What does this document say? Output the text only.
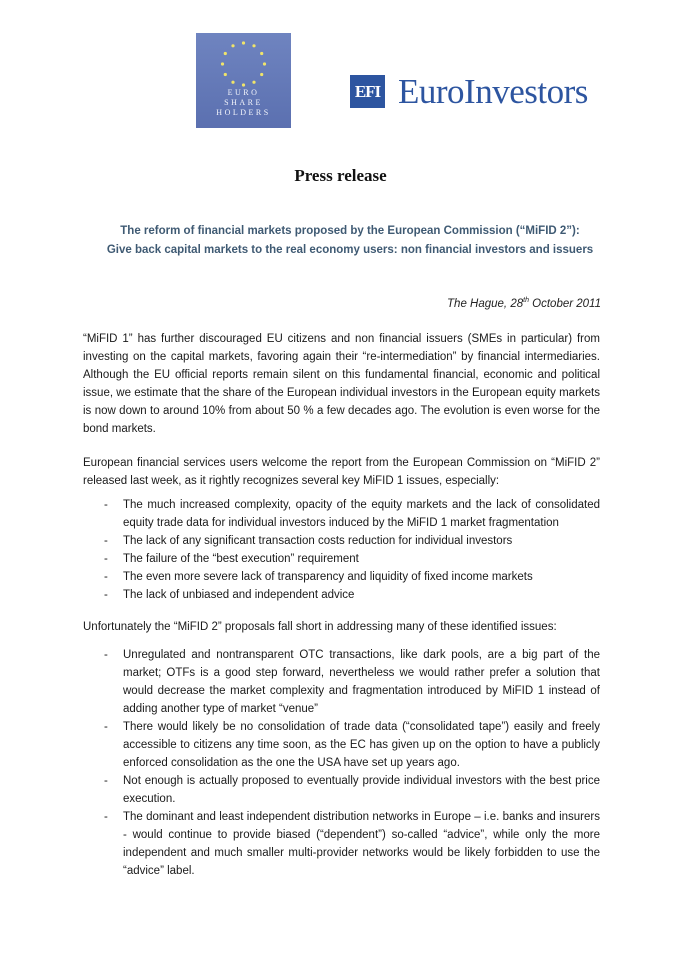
EURO
SHARE
HOLDERS
EFI EuroInvestors
Press release
The reform of financial markets proposed by the European Commission (“MiFID 2”):
Give back capital markets to the real economy users: non financial investors and issuers
The Hague, 28th October 2011

“MiFID 1” has further discouraged EU citizens and non financial issuers (SMEs in particular) from investing on the capital markets, favoring again their “re-intermediation” by financial intermediaries. Although the EU official reports remain silent on this fundamental financial, economic and political issue, we estimate that the share of the European individual investors in the European equity markets is now down to around 10% from about 50 % a few decades ago. The evolution is even worse for the bond markets.

European financial services users welcome the report from the European Commission on “MiFID 2” released last week, as it rightly recognizes several key MiFID 1 issues, especially:

- The much increased complexity, opacity of the equity markets and the lack of consolidated equity trade data for individual investors induced by the MiFID 1 market fragmentation
- The lack of any significant transaction costs reduction for individual investors
- The failure of the “best execution” requirement
- The even more severe lack of transparency and liquidity of fixed income markets
- The lack of unbiased and independent advice

Unfortunately the “MiFID 2” proposals fall short in addressing many of these identified issues:

- Unregulated and nontransparent OTC transactions, like dark pools, are a big part of the market; OTFs is a good step forward, nevertheless we would rather prefer a solution that would decrease the market complexity and fragmentation introduced by MiFID 1 instead of adding another type of market “venue”
- There would likely be no consolidation of trade data (“consolidated tape”) easily and freely accessible to citizens any time soon, as the EC has given up on the option to have a publicly enforced consolidation as the one the USA have set up years ago.
- Not enough is actually proposed to eventually provide individual investors with the best price execution.
- The dominant and least independent distribution networks in Europe – i.e. banks and insurers - would continue to provide biased (“dependent”) so-called “advice”, while only the more independent and much smaller multi-provider networks would be likely forbidden to use the “advice” label.
